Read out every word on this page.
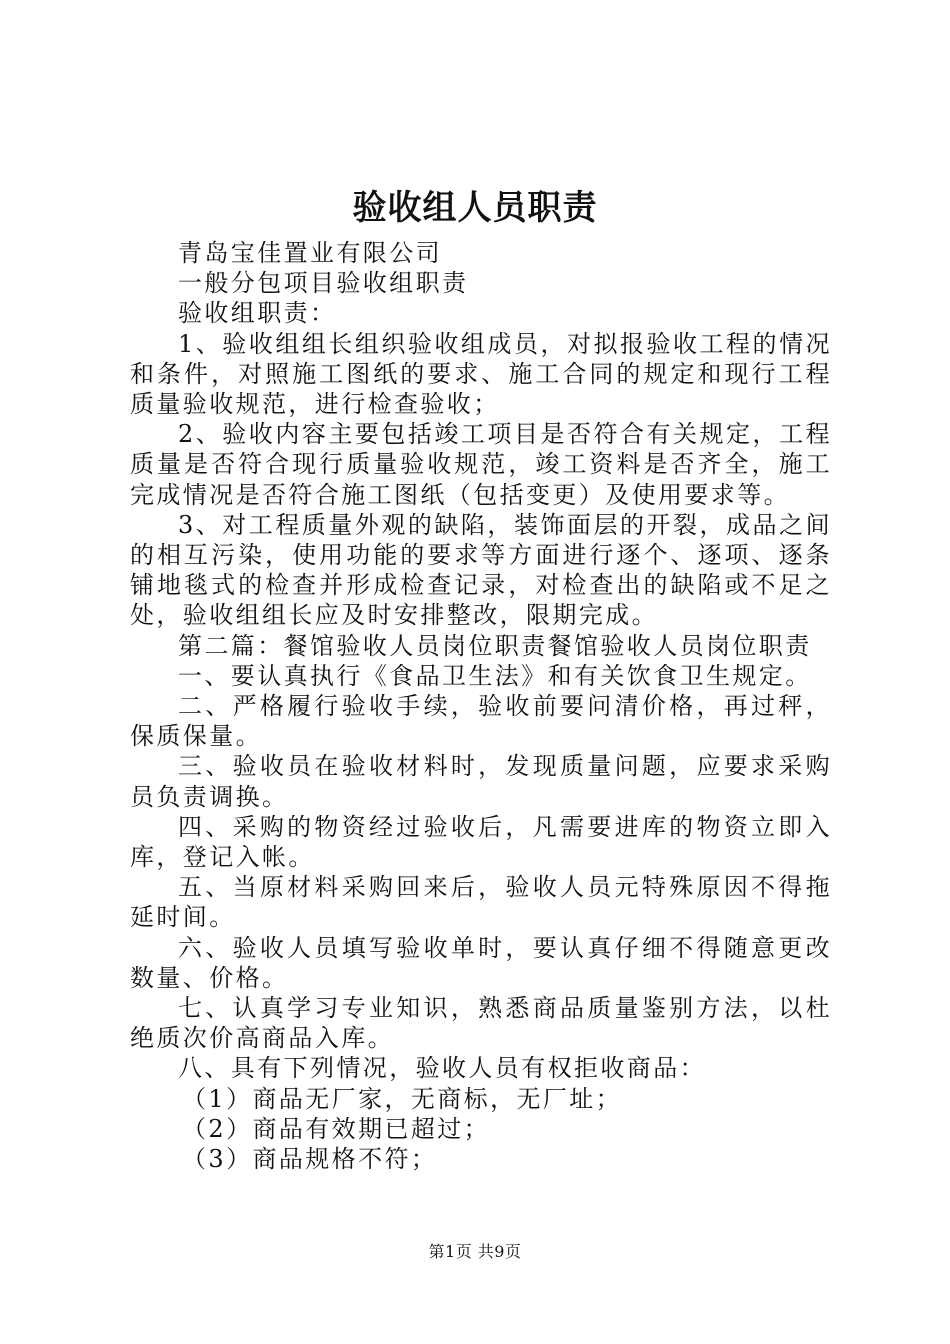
验收组人员职责

青岛宝佳置业有限公司

一般分包项目验收组职责

验收组职责：

1、验收组组长组织验收组成员，对拟报验收工程的情况和条件，对照施工图纸的要求、施工合同的规定和现行工程质量验收规范，进行检查验收；

2、验收内容主要包括竣工项目是否符合有关规定，工程质量是否符合现行质量验收规范，竣工资料是否齐全，施工完成情况是否符合施工图纸（包括变更）及使用要求等。

3、对工程质量外观的缺陷，装饰面层的开裂，成品之间的相互污染，使用功能的要求等方面进行逐个、逐项、逐条铺地毯式的检查并形成检查记录，对检查出的缺陷或不足之处，验收组组长应及时安排整改，限期完成。

第二篇：餐馆验收人员岗位职责餐馆验收人员岗位职责

一、要认真执行《食品卫生法》和有关饮食卫生规定。

二、严格履行验收手续，验收前要问清价格，再过秤，保质保量。

三、验收员在验收材料时，发现质量问题，应要求采购员负责调换。

四、采购的物资经过验收后，凡需要进库的物资立即入库，登记入帐。

五、当原材料采购回来后，验收人员元特殊原因不得拖延时间。

六、验收人员填写验收单时，要认真仔细不得随意更改数量、价格。

七、认真学习专业知识，熟悉商品质量鉴别方法，以杜绝质次价高商品入库。

八、具有下列情况，验收人员有权拒收商品：

（1）商品无厂家，无商标，无厂址；

（2）商品有效期已超过；

（3）商品规格不符；

第1页 共9页
